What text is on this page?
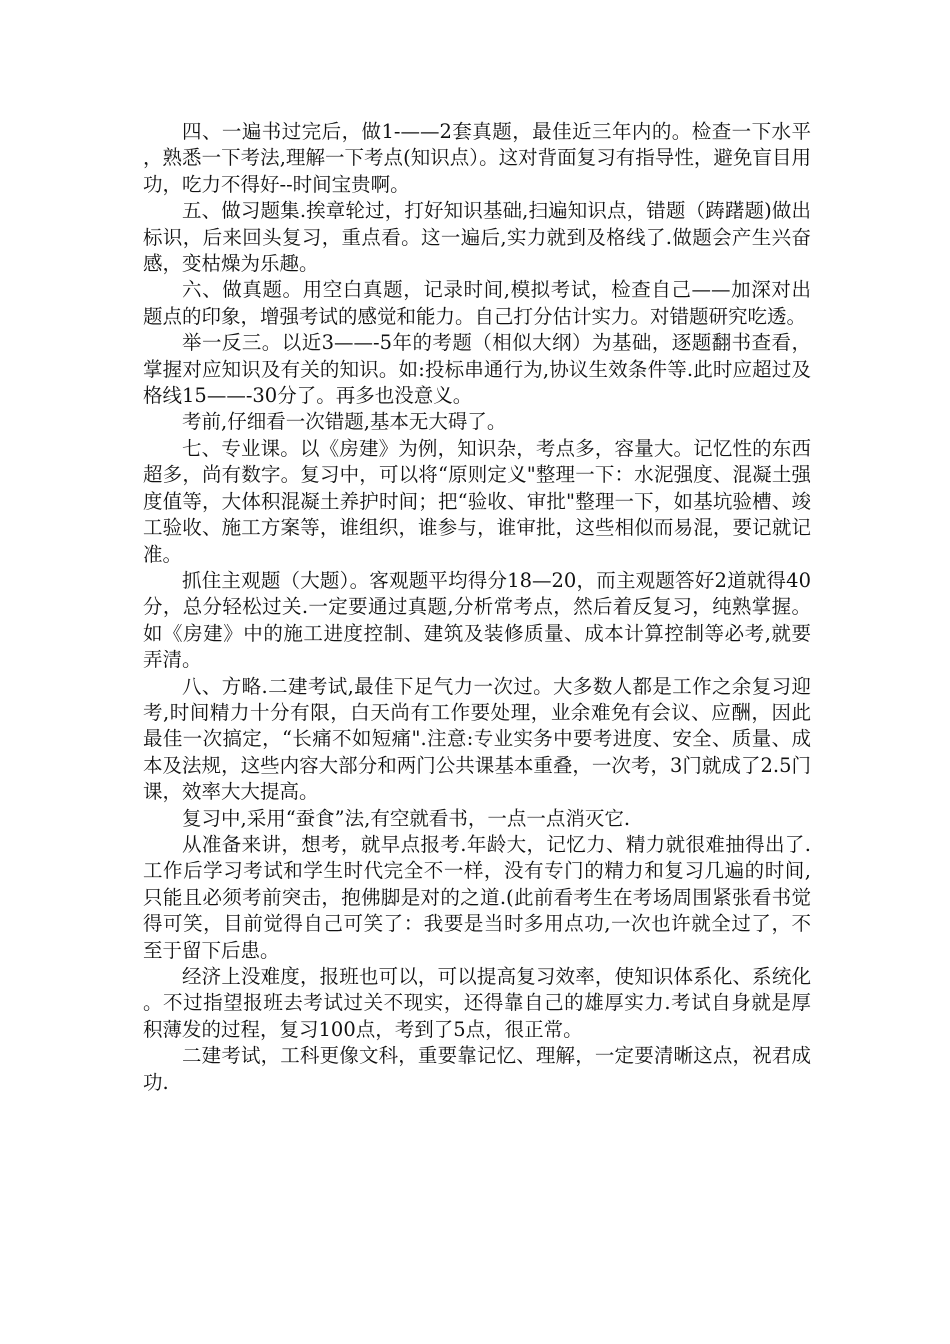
四、一遍书过完后，做1-——2套真题，最佳近三年内的。检查一下水平，熟悉一下考法,理解一下考点(知识点）。这对背面复习有指导性，避免盲目用功，吃力不得好--时间宝贵啊。

五、做习题集.挨章轮过，打好知识基础,扫遍知识点，错题（踌躇题)做出标识，后来回头复习，重点看。这一遍后,实力就到及格线了.做题会产生兴奋感，变枯燥为乐趣。

六、做真题。用空白真题，记录时间,模拟考试，检查自己——加深对出题点的印象，增强考试的感觉和能力。自己打分估计实力。对错题研究吃透。

举一反三。以近3——-5年的考题（相似大纲）为基础，逐题翻书查看，掌握对应知识及有关的知识。如:投标串通行为,协议生效条件等.此时应超过及格线15——-30分了。再多也没意义。

考前,仔细看一次错题,基本无大碍了。

七、专业课。以《房建》为例，知识杂，考点多，容量大。记忆性的东西超多，尚有数字。复习中，可以将“原则定义"整理一下：水泥强度、混凝土强度值等，大体积混凝土养护时间；把“验收、审批"整理一下，如基坑验槽、竣工验收、施工方案等，谁组织，谁参与，谁审批，这些相似而易混，要记就记准。

抓住主观题（大题）。客观题平均得分18—20，而主观题答好2道就得40分，总分轻松过关.一定要通过真题,分析常考点，然后着反复习，纯熟掌握。如《房建》中的施工进度控制、建筑及装修质量、成本计算控制等必考,就要弄清。

八、方略.二建考试,最佳下足气力一次过。大多数人都是工作之余复习迎考,时间精力十分有限，白天尚有工作要处理，业余难免有会议、应酬，因此最佳一次搞定，“长痛不如短痛".注意:专业实务中要考进度、安全、质量、成本及法规，这些内容大部分和两门公共课基本重叠，一次考，3门就成了2.5门课，效率大大提高。

复习中,采用“蚕食”法,有空就看书，一点一点消灭它.

从准备来讲，想考，就早点报考.年龄大，记忆力、精力就很难抽得出了.工作后学习考试和学生时代完全不一样，没有专门的精力和复习几遍的时间,只能且必须考前突击，抱佛脚是对的之道.(此前看考生在考场周围紧张看书觉得可笑，目前觉得自己可笑了：我要是当时多用点功,一次也许就全过了，不至于留下后患。

经济上没难度，报班也可以，可以提高复习效率，使知识体系化、系统化。不过指望报班去考试过关不现实，还得靠自己的雄厚实力.考试自身就是厚积薄发的过程，复习100点，考到了5点，很正常。

二建考试，工科更像文科，重要靠记忆、理解，一定要清晰这点，祝君成功.
